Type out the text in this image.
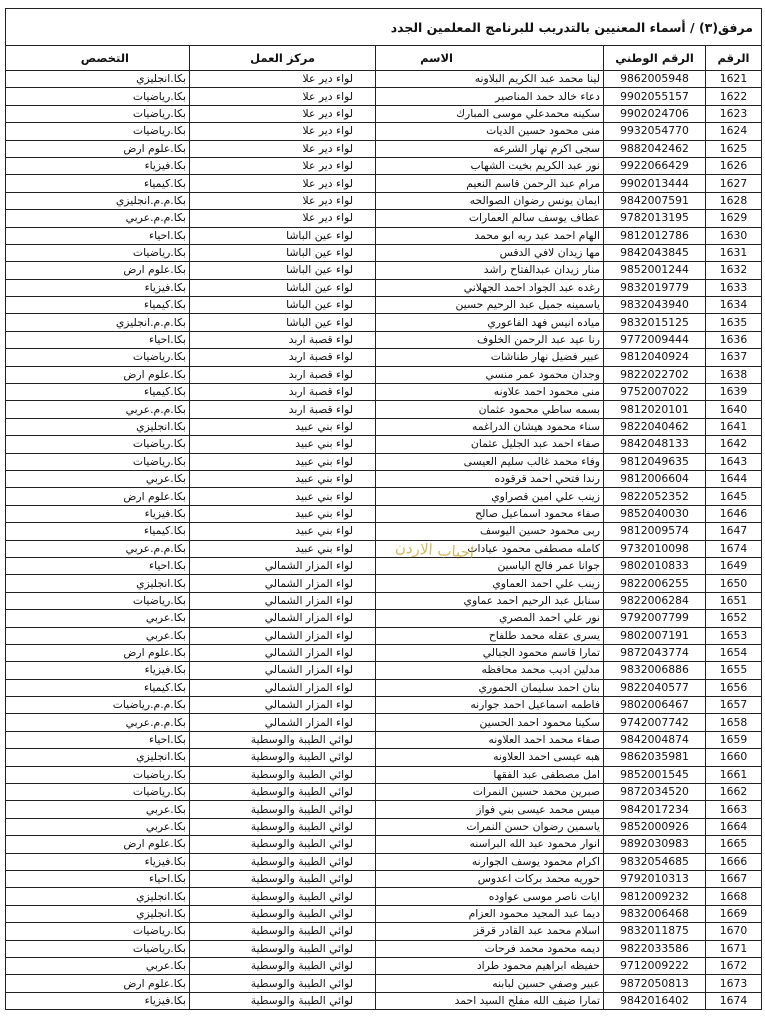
مرفق(٣) / أسماء المعنيين بالتدريب للبرنامج المعلمين الجدد				
الرقم	الرقم الوطني	الاسم	مركز العمل	التخصص
1621	9862005948	لينا محمد عبد الكريم البلاونه	لواء دير علا	بكا.انجليزي
1622	9902055157	دعاء خالد حمد المناصير	لواء دير علا	بكا.رياضيات
1623	9902024706	سكينه محمدعلي موسى المبارك	لواء دير علا	بكا.رياضيات
1624	9932054770	منى محمود حسين الديات	لواء دير علا	بكا.رياضيات
1625	9882042462	سجى اكرم نهار الشرعه	لواء دير علا	بكا.علوم ارض
1626	9922066429	نور عبد الكريم بخيت الشهاب	لواء دير علا	بكا.فيزياء
1627	9902013444	مرام عبد الرحمن قاسم النعيم	لواء دير علا	بكا.كيمياء
1628	9842007591	ايمان يونس رضوان الصوالحه	لواء دير علا	بكا.م.م.انجليزي
1629	9782013195	عطاف يوسف سالم العمارات	لواء دير علا	بكا.م.م.عربي
1630	9812012786	الهام احمد عبد ربه ابو محمد	لواء عين الباشا	بكا.احياء
1631	9842043845	مها زيدان لافي الدقس	لواء عين الباشا	بكا.رياضيات
1632	9852001244	منار زيدان عبدالفتاح راشد	لواء عين الباشا	بكا.علوم ارض
1633	9832019779	رغده عبد الجواد احمد الجهلاني	لواء عين الباشا	بكا.فيزياء
1634	9832043940	ياسمينه جميل عبد الرحيم حسين	لواء عين الباشا	بكا.كيمياء
1635	9832015125	مياده انيس فهد الفاعوري	لواء عين الباشا	بكا.م.م.انجليزي
1636	9772009444	رنا عيد عبد الرحمن الخلوف	لواء قصبة اربد	بكا.احياء
1637	9812040924	عبير فضيل نهار طناشات	لواء قصبة اربد	بكا.رياضيات
1638	9822022702	وجدان محمود عمر منسي	لواء قصبة اربد	بكا.علوم ارض
1639	9752007022	منى محمود احمد علاونه	لواء قصبة اربد	بكا.كيمياء
1640	9812020101	بسمه ساطي محمود عثمان	لواء قصبة اربد	بكا.م.م.عربي
1641	9822040462	سناء محمود هيشان الدراغمه	لواء بني عبيد	بكا.انجليزي
1642	9842048133	صفاء احمد عبد الجليل عثمان	لواء بني عبيد	بكا.رياضيات
1643	9812049635	وفاء محمد غالب سليم العيسى	لواء بني عبيد	بكا.رياضيات
1644	9812006604	رندا فتحي احمد قرقوده	لواء بني عبيد	بكا.عربي
1645	9822052352	زينب علي امين قصراوي	لواء بني عبيد	بكا.علوم ارض
1646	9852040030	صفاء محمود اسماعيل صالح	لواء بني عبيد	بكا.فيزياء
1647	9812009574	ربى محمود حسين اليوسف	لواء بني عبيد	بكا.كيمياء
1674	9732010098	كامله مصطفى محمود عيادات	لواء بني عبيد	بكا.م.م.عربي
1649	9802010833	جوانا عمر فالح الياسين	لواء المزار الشمالي	بكا.احياء
1650	9822006255	زينب علي احمد العماوي	لواء المزار الشمالي	بكا.انجليزي
1651	9822006284	سنابل عبد الرحيم احمد عماوي	لواء المزار الشمالي	بكا.رياضيات
1652	9792007799	نور علي احمد المصري	لواء المزار الشمالي	بكا.عربي
1653	9802007191	يسرى عقله محمد طلفاح	لواء المزار الشمالي	بكا.عربي
1654	9872043774	تمارا قاسم محمود الجبالي	لواء المزار الشمالي	بكا.علوم ارض
1655	9832006886	مدلين اديب محمد محافظه	لواء المزار الشمالي	بكا.فيزياء
1656	9822040577	بنان احمد سليمان الحموري	لواء المزار الشمالي	بكا.كيمياء
1657	9802006467	فاطمه اسماعيل احمد جوارنه	لواء المزار الشمالي	بكا.م.م.رياضيات
1658	9742007742	سكينا محمود احمد الحسين	لواء المزار الشمالي	بكا.م.م.عربي
1659	9842004874	صفاء محمد احمد العلاونه	لوائي الطيبة والوسطية	بكا.احياء
1660	9862035981	هبه عيسى احمد العلاونه	لوائي الطيبة والوسطية	بكا.انجليزي
1661	9852001545	امل مصطفى عبد الفقها	لوائي الطيبة والوسطية	بكا.رياضيات
1662	9872034520	صبرين محمد حسين النمرات	لوائي الطيبة والوسطية	بكا.رياضيات
1663	9842017234	ميس محمد عيسى بني فواز	لوائي الطيبة والوسطية	بكا.عربي
1664	9852000926	ياسمين رضوان حسن النمرات	لوائي الطيبة والوسطية	بكا.عربي
1665	9892030983	انوار محمود عبد الله البراسنه	لوائي الطيبة والوسطية	بكا.علوم ارض
1666	9832054685	اكرام محمود يوسف الجوارنه	لوائي الطيبة والوسطية	بكا.فيزياء
1667	9792010313	حوريه محمد بركات اعدوس	لوائي الطيبة والوسطية	بكا.احياء
1668	9812009232	ايات ناصر موسى عواوده	لوائي الطيبة والوسطية	بكا.انجليزي
1669	9832006468	ديما عبد المجيد محمود العزام	لوائي الطيبة والوسطية	بكا.انجليزي
1670	9832011875	اسلام محمد عبد القادر قرقز	لوائي الطيبة والوسطية	بكا.رياضيات
1671	9822033586	ديمه محمود محمد فرحات	لوائي الطيبة والوسطية	بكا.رياضيات
1672	9712009222	حفيظه ابراهيم محمود طراد	لوائي الطيبة والوسطية	بكا.عربي
1673	9872050813	عبير وصفي حسين لبابنه	لوائي الطيبة والوسطية	بكا.علوم ارض
1674	9842016402	تمارا ضيف الله مفلح السيد احمد	لوائي الطيبة والوسطية	بكا.فيزياء
احباب الاردن
